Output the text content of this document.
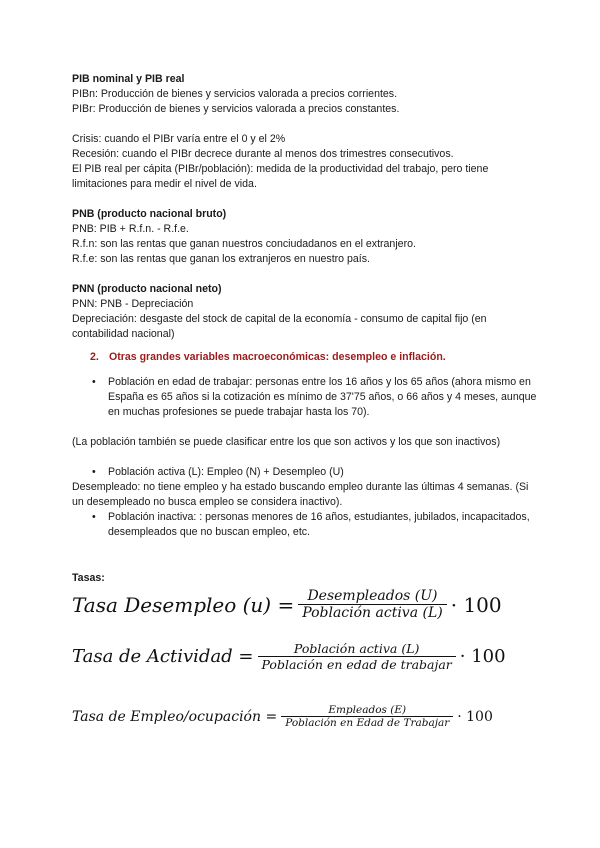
PIB nominal y PIB real
PIBn: Producción de bienes y servicios valorada a precios corrientes.
PIBr: Producción de bienes y servicios valorada a precios constantes.
Crisis: cuando el PIBr varía entre el 0 y el 2%
Recesión: cuando el PIBr decrece durante al menos dos trimestres consecutivos.
El PIB real per cápita (PIBr/población): medida de la productividad del trabajo, pero tiene limitaciones para medir el nivel de vida.
PNB (producto nacional bruto)
PNB: PIB + R.f.n. - R.f.e.
R.f.n: son las rentas que ganan nuestros conciudadanos en el extranjero.
R.f.e: son las rentas que ganan los extranjeros en nuestro país.
PNN (producto nacional neto)
PNN: PNB - Depreciación
Depreciación: desgaste del stock de capital de la economía - consumo de capital fijo (en contabilidad nacional)
2. Otras grandes variables macroeconómicas: desempleo e inflación.
• Población en edad de trabajar: personas entre los 16 años y los 65 años (ahora mismo en España es 65 años si la cotización es mínimo de 37'75 años, o 66 años y 4 meses, aunque en muchas profesiones se puede trabajar hasta los 70).
(La población también se puede clasificar entre los que son activos y los que son inactivos)
• Población activa (L): Empleo (N) + Desempleo (U)
Desempleado: no tiene empleo y ha estado buscando empleo durante las últimas 4 semanas. (Si un desempleado no busca empleo se considera inactivo).
• Población inactiva: : personas menores de 16 años, estudiantes, jubilados, incapacitados, desempleados que no buscan empleo, etc.
Tasas:
Tasa Desempleo $(u) = \frac{\text{Desempleados (U)}}{\text{Población activa (L)}} \cdot 100$
Tasa de Actividad = $\frac{\text{Población activa (L)}}{\text{Población en edad de trabajar}} \cdot 100$
Tasa de Empleo/ocupación = $\frac{\text{Empleados (E)}}{\text{Población en Edad de Trabajar}} \cdot 100$
